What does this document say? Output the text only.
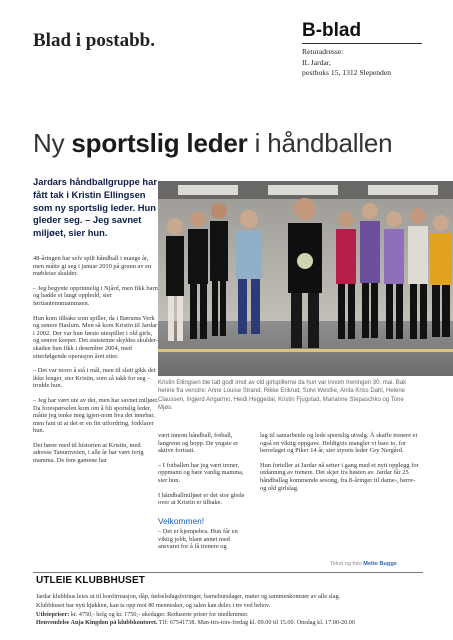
Blad i postabb.	B-blad
Returadresse:
IL Jardar,
postboks 15, 1312 Slependen
Ny sportslig leder i håndballen
Jardars håndballgruppe har fått tak i Kristin Ellingsen som ny sportslig leder. Hun gleder seg. – Jeg savnet miljøet, sier hun.

48-åringen har selv spilt håndball i mange år, men måtte gi seg i januar 2010 på grunn av en møbleise skulder.

– Jeg begynte opprinnelig i Njård, men fikk barn og hadde et langt opphold, sier førtiantennmammaen.

Hun kom tilbake som spiller, da i Bærums Verk og senere Haslum. Men så kom Kristin til Jardar i 2002. Der var hun første utespiller i old girls, og senere keeper. Det siststemte skyldes skulder-skaden hun fikk i desember 2004, med etterfølgende operasjon året etter.

– Det var moro å stå i mål, men til slutt gikk det ikke lenger, sier Kristin, som så takk for seg – trodde hun.

– Jeg har vært ute av det, men har savnet miljøet. Da forespørselen kom om å bli sportslig leder, måtte jeg tenke meg igjen-nom hva det innebar, men fant ut at det er en fin utfordring, forklarer hun.

Det hører med til historien at Kristin, med adresse Tanumveien, i alle år har vært ivrig mamma. De fem gamene har

Kristin Ellingsen ble tatt godt imot av old girlspillerne da hun var innom treningen 30. mai. Bak henne fra venstre: Anne Louise Strand, Rikke Erikrud, Solvi Westlie, Anita Kriss Dahl, Helene Claussen, Ingjerd Angarmo, Heidi Heggedal, Kristin Fjugstad, Marianne Stepaschko og Tone Mjøs.

vært innom håndball, fotball, langrenn og hopp. De yngste er aktive fortsatt.

– I fotballen har jeg vært trener, oppmann og bare vanlig mamma, sier hun.

I håndballmiljøet er det stor glede over at Kristin er tilbake.

Velkommen!

– Det er kjempebra. Hun får en viktig jobb, blant annet med ansvaret for å få trenere og

lag til samarbeide og lede sportslig utvalg. Å skaffe trenere er også en viktig oppgave. Heldigvis mangler vi bare to, for herrelaget og Piker 14 år, sier styrets leder Gry Nergård.

Hun forteller at Jardar nå setter i gang med et nytt opplegg for utdanning av trenere. Det skjer fra høsten av. Jardar får 25 håndballag kommende sesong, fra 8-åringer til dame-, herre- og old girlslag.

Tekst og foto Mette Bugge
UTLEIE KLUBBHUSET
Jardar klubbhus leies ut til konfirmasjon, dåp, fødselsdagsfeiringer, barnebursdager, møter og sammenkomster av alle slag.
Klubbhuset har nytt kjøkken, kan ta opp mot 80 mennesker, og salen kan deles i tre ved behov.
Utleiepriser: kr. 4750,- helg og kr. 1750,- ukedager. Reduserte priser for medlemmer.
Henvendelse Anja Kingdon på klubbkontoret. Tlf: 67541738. Man-tirs-tors-fredag kl. 09.00 til 15.00. Onsdag kl. 17.00-20.00
